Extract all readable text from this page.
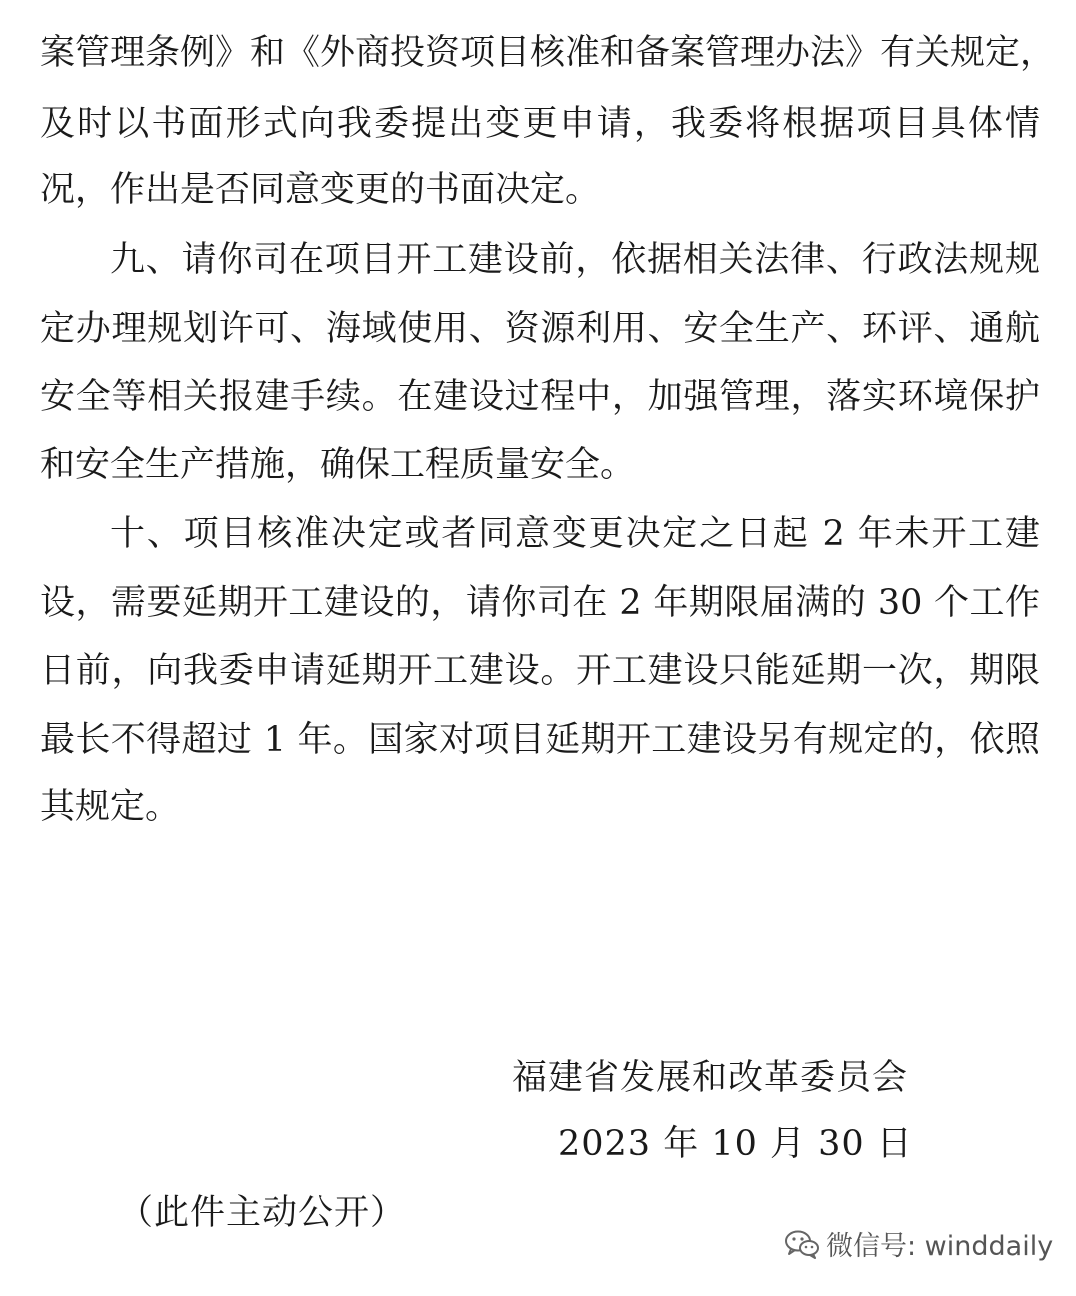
案管理条例》和《外商投资项目核准和备案管理办法》有关规定，
及时以书面形式向我委提出变更申请，我委将根据项目具体情
况，作出是否同意变更的书面决定。
九、请你司在项目开工建设前，依据相关法律、行政法规规
定办理规划许可、海域使用、资源利用、安全生产、环评、通航
安全等相关报建手续。在建设过程中，加强管理，落实环境保护
和安全生产措施，确保工程质量安全。
十、项目核准决定或者同意变更决定之日起 2 年未开工建
设，需要延期开工建设的，请你司在 2 年期限届满的 30 个工作
日前，向我委申请延期开工建设。开工建设只能延期一次，期限
最长不得超过 1 年。国家对项目延期开工建设另有规定的，依照
其规定。
福建省发展和改革委员会
2023 年 10 月 30 日
（此件主动公开）
微信号: winddaily
